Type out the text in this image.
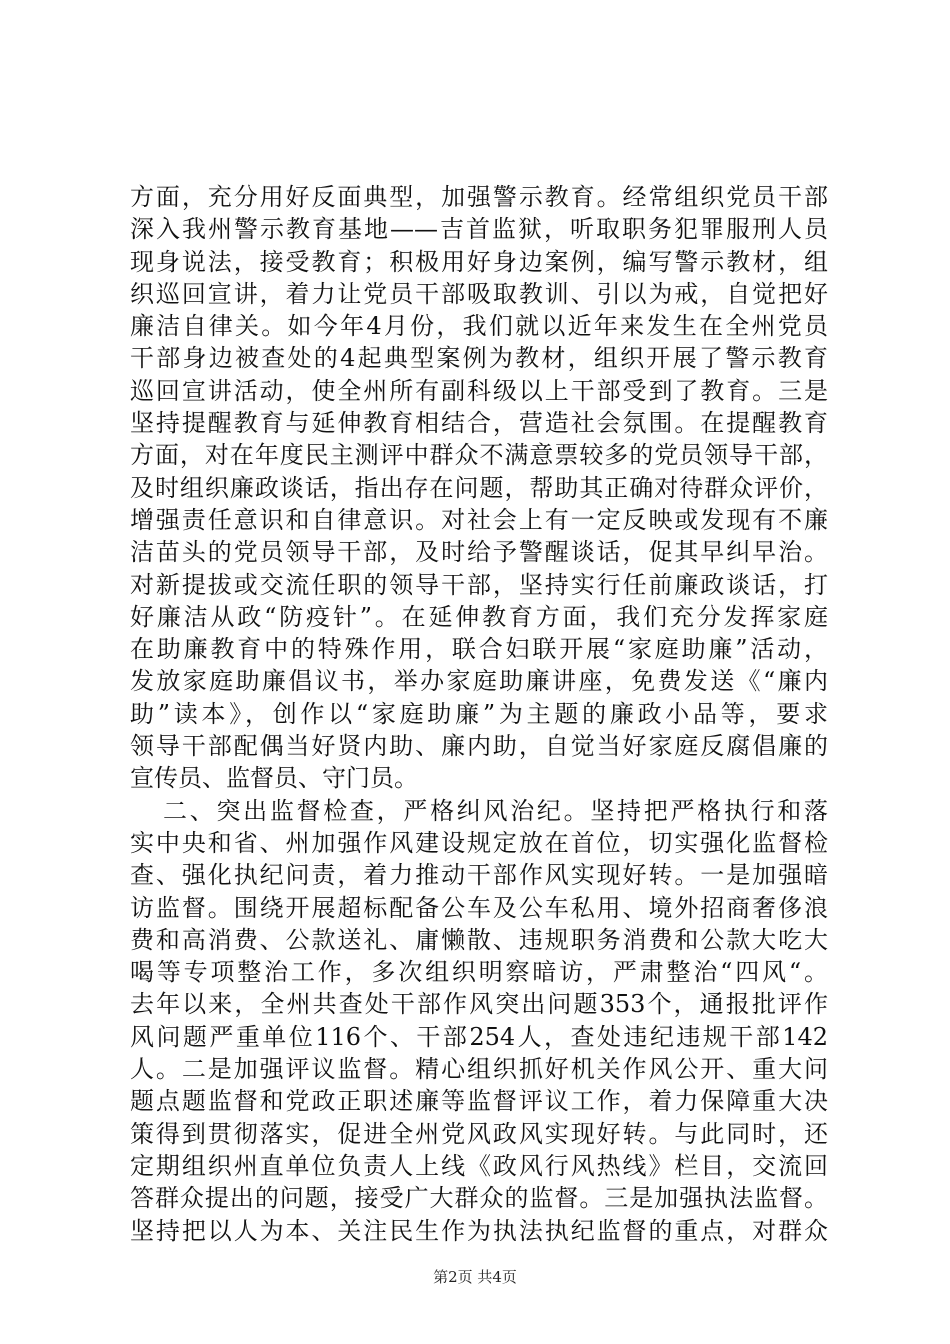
方面，充分用好反面典型，加强警示教育。经常组织党员干部
深入我州警示教育基地——吉首监狱，听取职务犯罪服刑人员
现身说法，接受教育；积极用好身边案例，编写警示教材，组
织巡回宣讲，着力让党员干部吸取教训、引以为戒，自觉把好
廉洁自律关。如今年4月份，我们就以近年来发生在全州党员
干部身边被查处的4起典型案例为教材，组织开展了警示教育
巡回宣讲活动，使全州所有副科级以上干部受到了教育。三是
坚持提醒教育与延伸教育相结合，营造社会氛围。在提醒教育
方面，对在年度民主测评中群众不满意票较多的党员领导干部，
及时组织廉政谈话，指出存在问题，帮助其正确对待群众评价，
增强责任意识和自律意识。对社会上有一定反映或发现有不廉
洁苗头的党员领导干部，及时给予警醒谈话，促其早纠早治。
对新提拔或交流任职的领导干部，坚持实行任前廉政谈话，打
好廉洁从政“防疫针”。在延伸教育方面，我们充分发挥家庭
在助廉教育中的特殊作用，联合妇联开展“家庭助廉”活动，
发放家庭助廉倡议书，举办家庭助廉讲座，免费发送《“廉内
助”读本》，创作以“家庭助廉”为主题的廉政小品等，要求
领导干部配偶当好贤内助、廉内助，自觉当好家庭反腐倡廉的
宣传员、监督员、守门员。
二、突出监督检查，严格纠风治纪。坚持把严格执行和落
实中央和省、州加强作风建设规定放在首位，切实强化监督检
查、强化执纪问责，着力推动干部作风实现好转。一是加强暗
访监督。围绕开展超标配备公车及公车私用、境外招商奢侈浪
费和高消费、公款送礼、庸懒散、违规职务消费和公款大吃大
喝等专项整治工作，多次组织明察暗访，严肃整治“四风“。
去年以来，全州共查处干部作风突出问题353个，通报批评作
风问题严重单位116个、干部254人，查处违纪违规干部142
人。二是加强评议监督。精心组织抓好机关作风公开、重大问
题点题监督和党政正职述廉等监督评议工作，着力保障重大决
策得到贯彻落实，促进全州党风政风实现好转。与此同时，还
定期组织州直单位负责人上线《政风行风热线》栏目，交流回
答群众提出的问题，接受广大群众的监督。三是加强执法监督。
坚持把以人为本、关注民生作为执法执纪监督的重点，对群众
第2页 共4页
